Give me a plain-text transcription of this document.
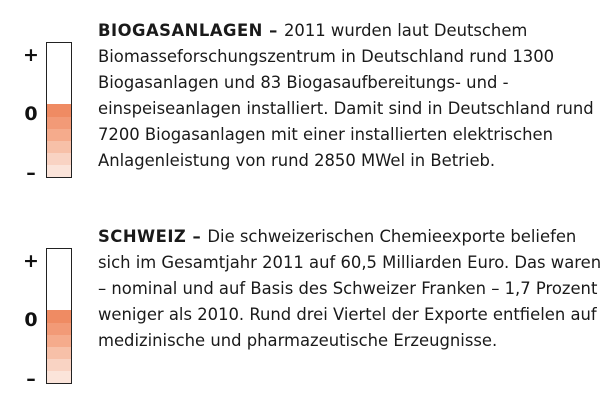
+
0
–
BIOGASANLAGEN – 2011 wurden laut Deutschem Biomasseforschungszentrum in Deutschland rund 1300 Biogasanlagen und 83 Biogasaufbereitungs- und -einspeiseanlagen installiert. Damit sind in Deutschland rund 7200 Biogasanlagen mit einer installierten elektrischen Anlagenleistung von rund 2850 MWel in Betrieb.
+
0
–
SCHWEIZ – Die schweizerischen Chemieexporte beliefen sich im Gesamtjahr 2011 auf 60,5 Milliarden Euro. Das waren – nominal und auf Basis des Schweizer Franken – 1,7 Prozent weniger als 2010. Rund drei Viertel der Exporte entfielen auf medizinische und pharmazeutische Erzeugnisse.
